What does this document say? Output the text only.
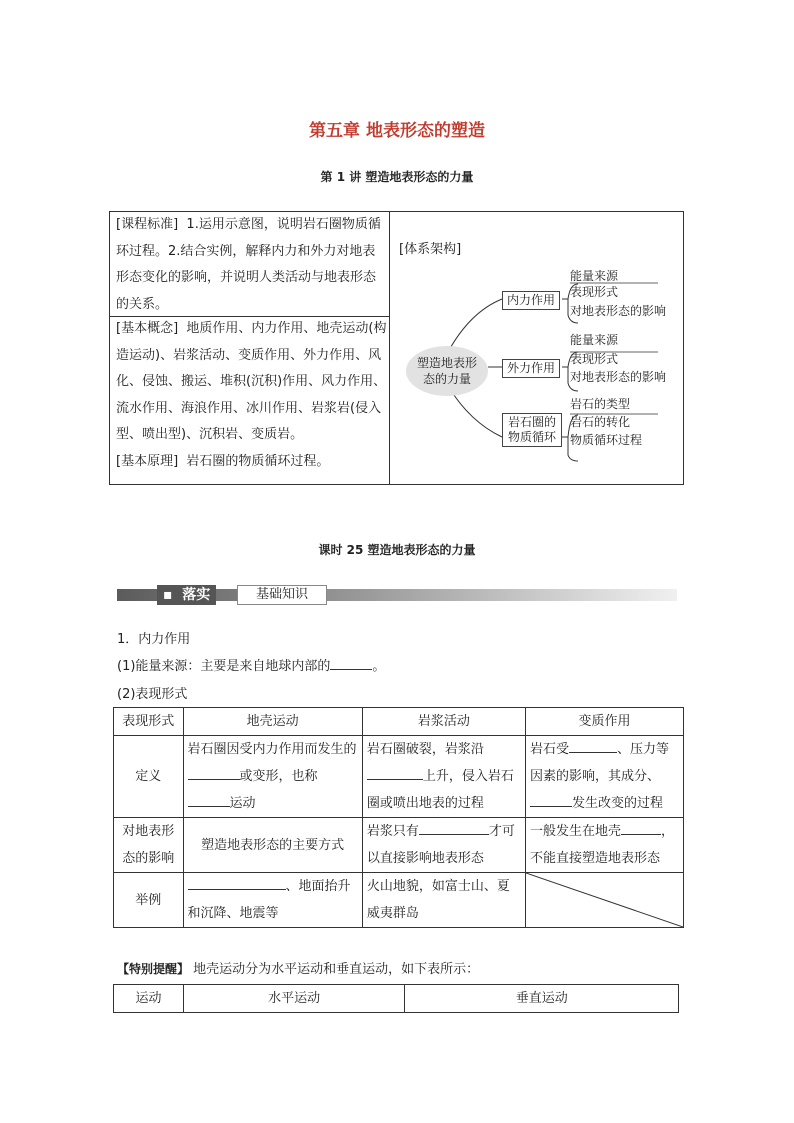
第五章 地表形态的塑造
第 1 讲 塑造地表形态的力量
[课程标准] 1.运用示意图，说明岩石圈物质循环过程。2.结合实例，解释内力和外力对地表形态变化的影响，并说明人类活动与地表形态的关系。
[基本概念] 地质作用、内力作用、地壳运动(构造运动)、岩浆活动、变质作用、外力作用、风化、侵蚀、搬运、堆积(沉积)作用、风力作用、流水作用、海浪作用、冰川作用、岩浆岩(侵入型、喷出型)、沉积岩、变质岩。
[基本原理] 岩石圈的物质循环过程。
[体系架构]
塑造地表形态的力量
内力作用
外力作用
岩石圈的物质循环
能量来源
表现形式
对地表形态的影响
能量来源
表现形式
对地表形态的影响
岩石的类型
岩石的转化
物质循环过程
课时 25 塑造地表形态的力量
▪  落实	基础知识
1．内力作用
(1)能量来源：主要是来自地球内部的	。
(2)表现形式
表现形式	地壳运动	岩浆活动	变质作用
定义	岩石圈因受内力作用而发生的或变形，也称运动	岩石圈破裂，岩浆沿上升，侵入岩石圈或喷出地表的过程	岩石受 、压力等因素的影响，其成分、发生改变的过程
对地表形态的影响	塑造地表形态的主要方式	岩浆只有 才可以直接影响地表形态	一般发生在地壳 ，不能直接塑造地表形态
举例	、地面抬升和沉降、地震等	火山地貌，如富士山、夏威夷群岛	
【特别提醒】 地壳运动分为水平运动和垂直运动，如下表所示：
运动	水平运动	垂直运动
